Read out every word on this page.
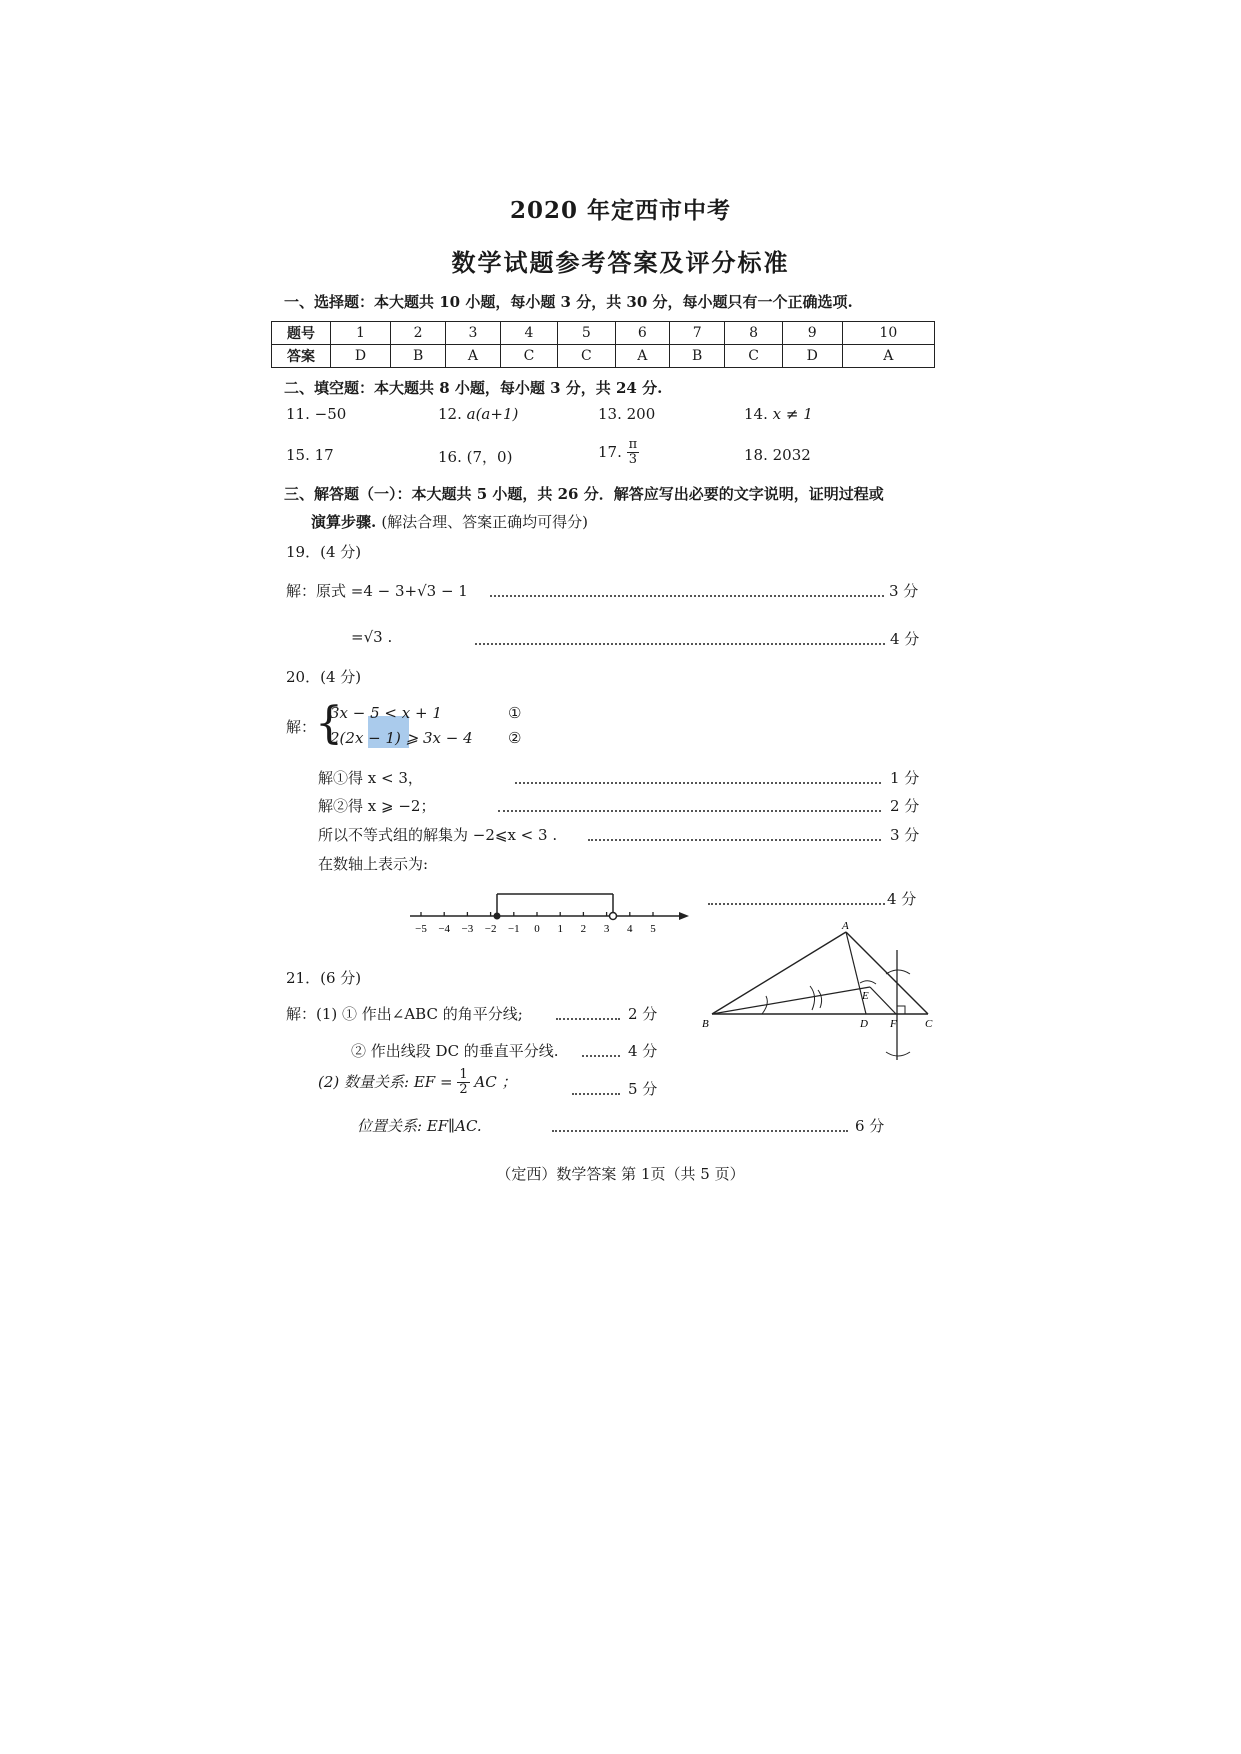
2020 年定西市中考
数学试题参考答案及评分标准
一、选择题：本大题共 10 小题，每小题 3 分，共 30 分，每小题只有一个正确选项.
题号	1	2	3	4	5	6	7	8	9	10
答案	D	B	A	C	C	A	B	C	D	A
二、填空题：本大题共 8 小题，每小题 3 分，共 24 分.
11. −50	12. a(a+1)	13. 200	14. x ≠ 1
15. 17	16. (7，0)	17. $\frac{\pi}{3}$	18. 2032
三、解答题（一）：本大题共 5 小题，共 26 分．解答应写出必要的文字说明，证明过程或
演算步骤. (解法合理、答案正确均可得分)
19．(4 分)
解：原式 =4 − 3+√3 − 1	3 分
=√3 .	4 分
20．(4 分)
解：
{
3x − 5 < x + 1
2(2x − 1) ⩾ 3x − 4
①
②
解①得 x < 3，	1 分
解②得 x ⩾ −2；	2 分
所以不等式组的解集为 −2⩽x < 3 .	3 分
在数轴上表示为:
4 分
−5 −4 −3 −2 −1 0 1 2 3 4 5	A
B	C
D
E
F
21．(6 分)
解：(1) ① 作出∠ABC 的角平分线;	2 分
② 作出线段 DC 的垂直平分线.	4 分
(2) 数量关系: EF = $\frac{1}{2}$ AC ；	5 分
位置关系: EF∥AC.	6 分
（定西）数学答案 第 1页（共 5 页）
